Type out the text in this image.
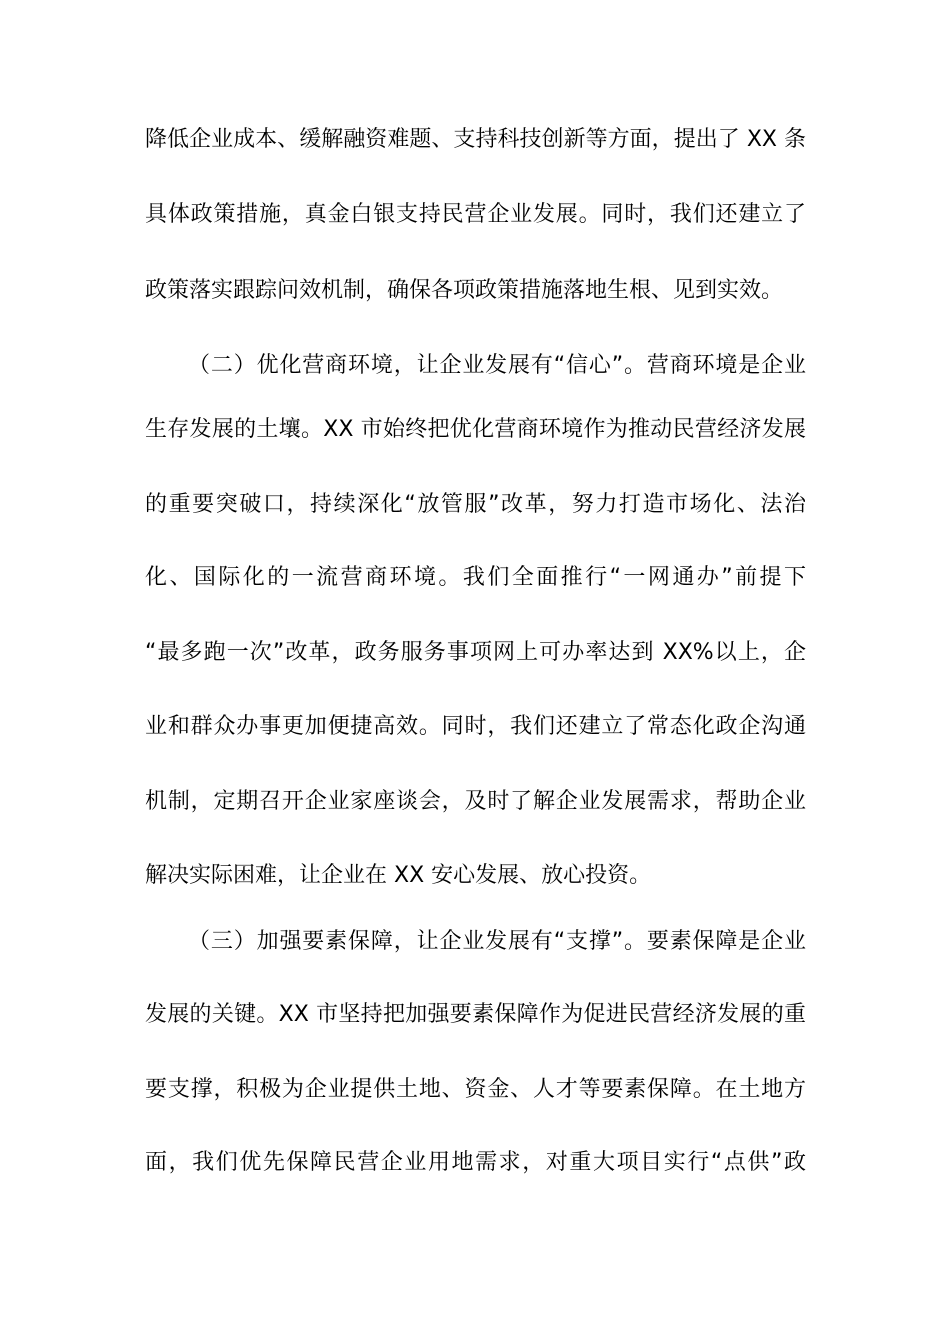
降低企业成本、缓解融资难题、支持科技创新等方面，提出了 XX 条
具体政策措施，真金白银支持民营企业发展。同时，我们还建立了
政策落实跟踪问效机制，确保各项政策措施落地生根、见到实效。
（二）优化营商环境，让企业发展有“信心”。营商环境是企业
生存发展的土壤。XX 市始终把优化营商环境作为推动民营经济发展
的重要突破口，持续深化“放管服”改革，努力打造市场化、法治
化、国际化的一流营商环境。我们全面推行“一网通办”前提下
“最多跑一次”改革，政务服务事项网上可办率达到 XX%以上，企
业和群众办事更加便捷高效。同时，我们还建立了常态化政企沟通
机制，定期召开企业家座谈会，及时了解企业发展需求，帮助企业
解决实际困难，让企业在 XX 安心发展、放心投资。
（三）加强要素保障，让企业发展有“支撑”。要素保障是企业
发展的关键。XX 市坚持把加强要素保障作为促进民营经济发展的重
要支撑，积极为企业提供土地、资金、人才等要素保障。在土地方
面，我们优先保障民营企业用地需求，对重大项目实行“点供”政
